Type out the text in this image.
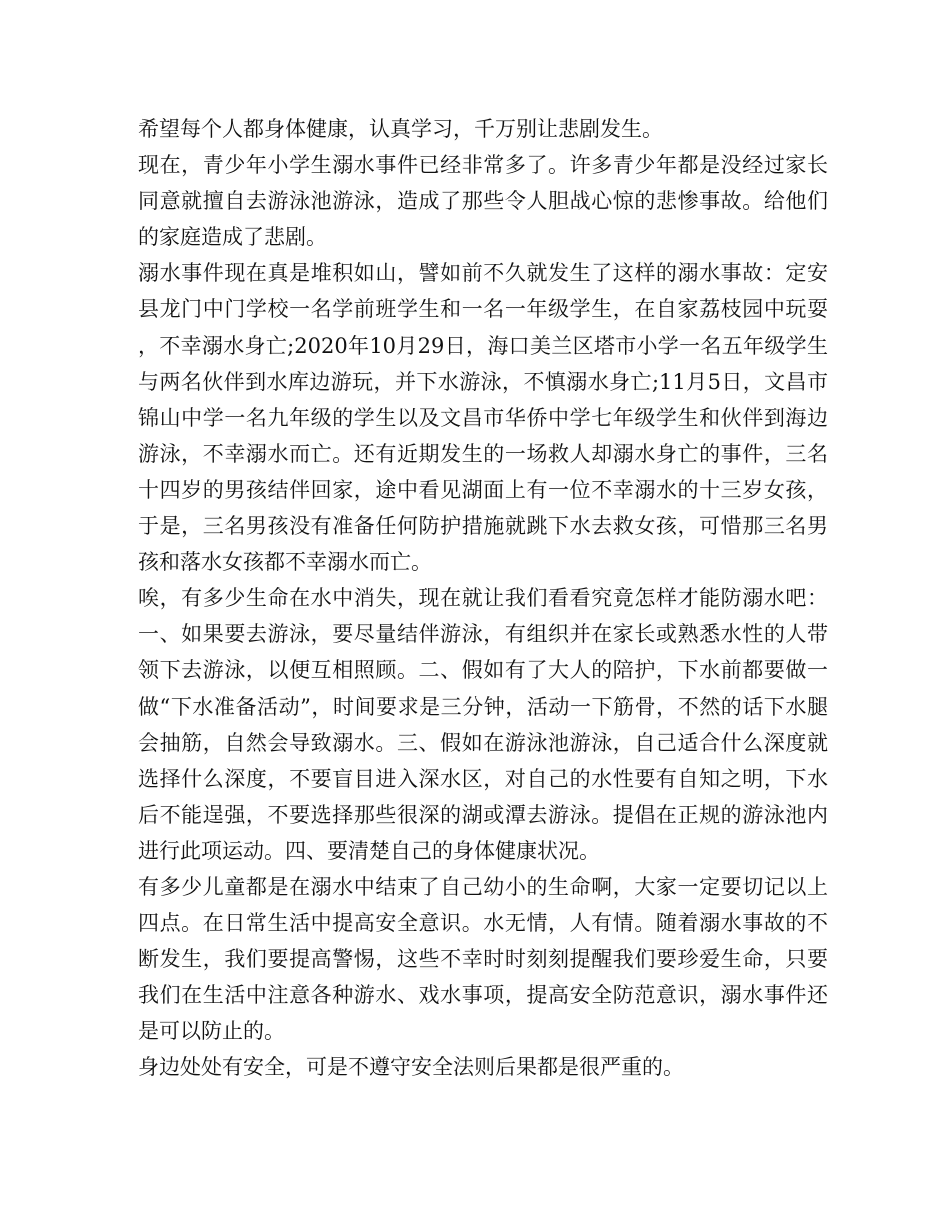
希望每个人都身体健康，认真学习，千万别让悲剧发生。

现在，青少年小学生溺水事件已经非常多了。许多青少年都是没经过家长同意就擅自去游泳池游泳，造成了那些令人胆战心惊的悲惨事故。给他们的家庭造成了悲剧。

溺水事件现在真是堆积如山，譬如前不久就发生了这样的溺水事故：定安县龙门中门学校一名学前班学生和一名一年级学生，在自家荔枝园中玩耍，不幸溺水身亡;2020年10月29日，海口美兰区塔市小学一名五年级学生与两名伙伴到水库边游玩，并下水游泳，不慎溺水身亡;11月5日，文昌市锦山中学一名九年级的学生以及文昌市华侨中学七年级学生和伙伴到海边游泳，不幸溺水而亡。还有近期发生的一场救人却溺水身亡的事件，三名十四岁的男孩结伴回家，途中看见湖面上有一位不幸溺水的十三岁女孩，于是，三名男孩没有准备任何防护措施就跳下水去救女孩，可惜那三名男孩和落水女孩都不幸溺水而亡。

唉，有多少生命在水中消失，现在就让我们看看究竟怎样才能防溺水吧：一、如果要去游泳，要尽量结伴游泳，有组织并在家长或熟悉水性的人带领下去游泳，以便互相照顾。二、假如有了大人的陪护，下水前都要做一做“下水准备活动”，时间要求是三分钟，活动一下筋骨，不然的话下水腿会抽筋，自然会导致溺水。三、假如在游泳池游泳，自己适合什么深度就选择什么深度，不要盲目进入深水区，对自己的水性要有自知之明，下水后不能逞强，不要选择那些很深的湖或潭去游泳。提倡在正规的游泳池内进行此项运动。四、要清楚自己的身体健康状况。

有多少儿童都是在溺水中结束了自己幼小的生命啊，大家一定要切记以上四点。在日常生活中提高安全意识。水无情，人有情。随着溺水事故的不断发生，我们要提高警惕，这些不幸时时刻刻提醒我们要珍爱生命，只要我们在生活中注意各种游水、戏水事项，提高安全防范意识，溺水事件还是可以防止的。

身边处处有安全，可是不遵守安全法则后果都是很严重的。
